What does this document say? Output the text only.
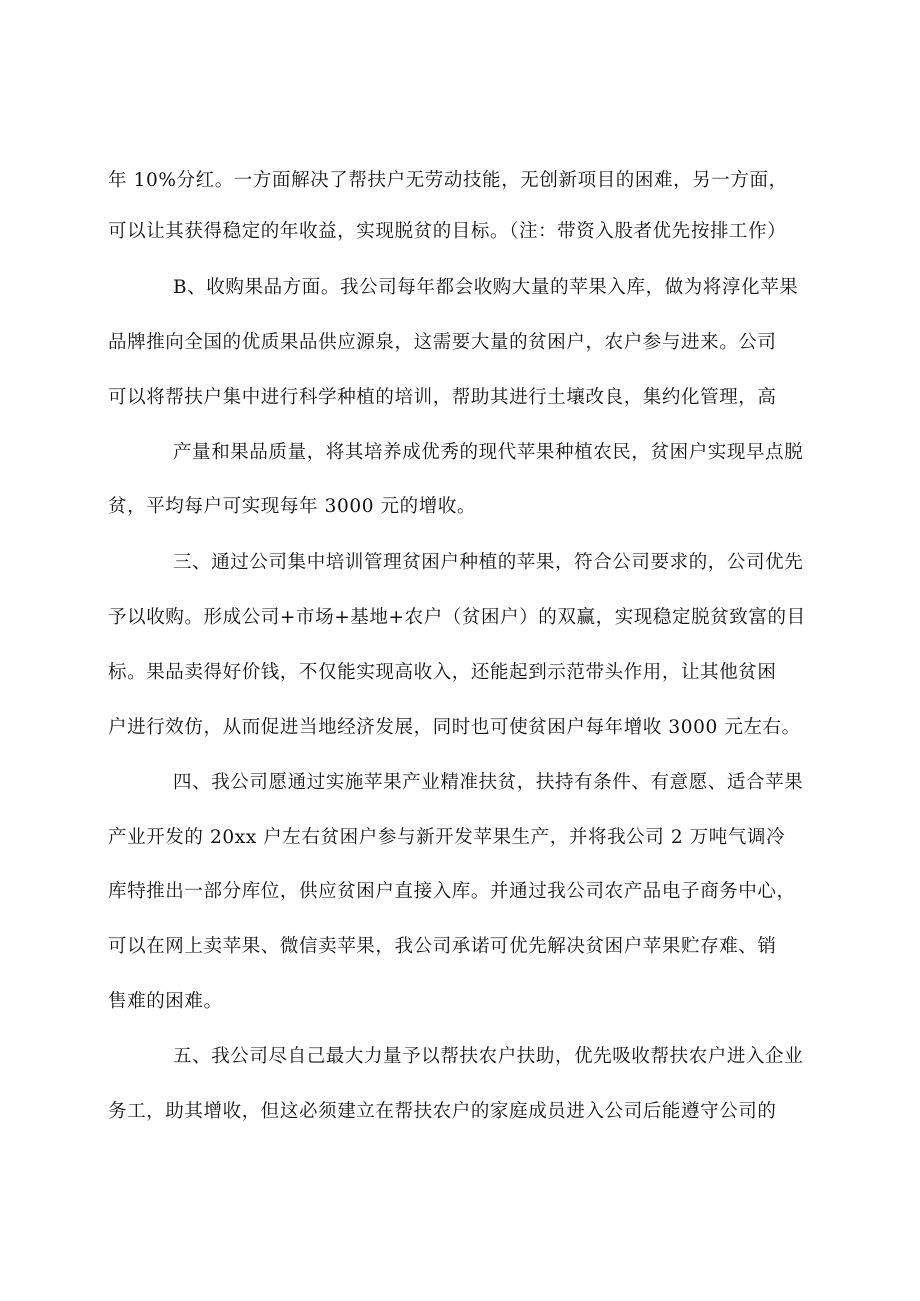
年 10%分红。一方面解决了帮扶户无劳动技能，无创新项目的困难，另一方面，
可以让其获得稳定的年收益，实现脱贫的目标。（注：带资入股者优先按排工作）
B、收购果品方面。我公司每年都会收购大量的苹果入库，做为将淳化苹果
品牌推向全国的优质果品供应源泉，这需要大量的贫困户，农户参与进来。公司
可以将帮扶户集中进行科学种植的培训，帮助其进行土壤改良，集约化管理，高
产量和果品质量，将其培养成优秀的现代苹果种植农民，贫困户实现早点脱
贫，平均每户可实现每年 3000 元的增收。
三、通过公司集中培训管理贫困户种植的苹果，符合公司要求的，公司优先
予以收购。形成公司+市场+基地+农户（贫困户）的双赢，实现稳定脱贫致富的目
标。果品卖得好价钱，不仅能实现高收入，还能起到示范带头作用，让其他贫困
户进行效仿，从而促进当地经济发展，同时也可使贫困户每年增收 3000 元左右。
四、我公司愿通过实施苹果产业精准扶贫，扶持有条件、有意愿、适合苹果
产业开发的 20xx 户左右贫困户参与新开发苹果生产，并将我公司 2 万吨气调冷
库特推出一部分库位，供应贫困户直接入库。并通过我公司农产品电子商务中心，
可以在网上卖苹果、微信卖苹果，我公司承诺可优先解决贫困户苹果贮存难、销
售难的困难。
五、我公司尽自己最大力量予以帮扶农户扶助，优先吸收帮扶农户进入企业
务工，助其增收，但这必须建立在帮扶农户的家庭成员进入公司后能遵守公司的
